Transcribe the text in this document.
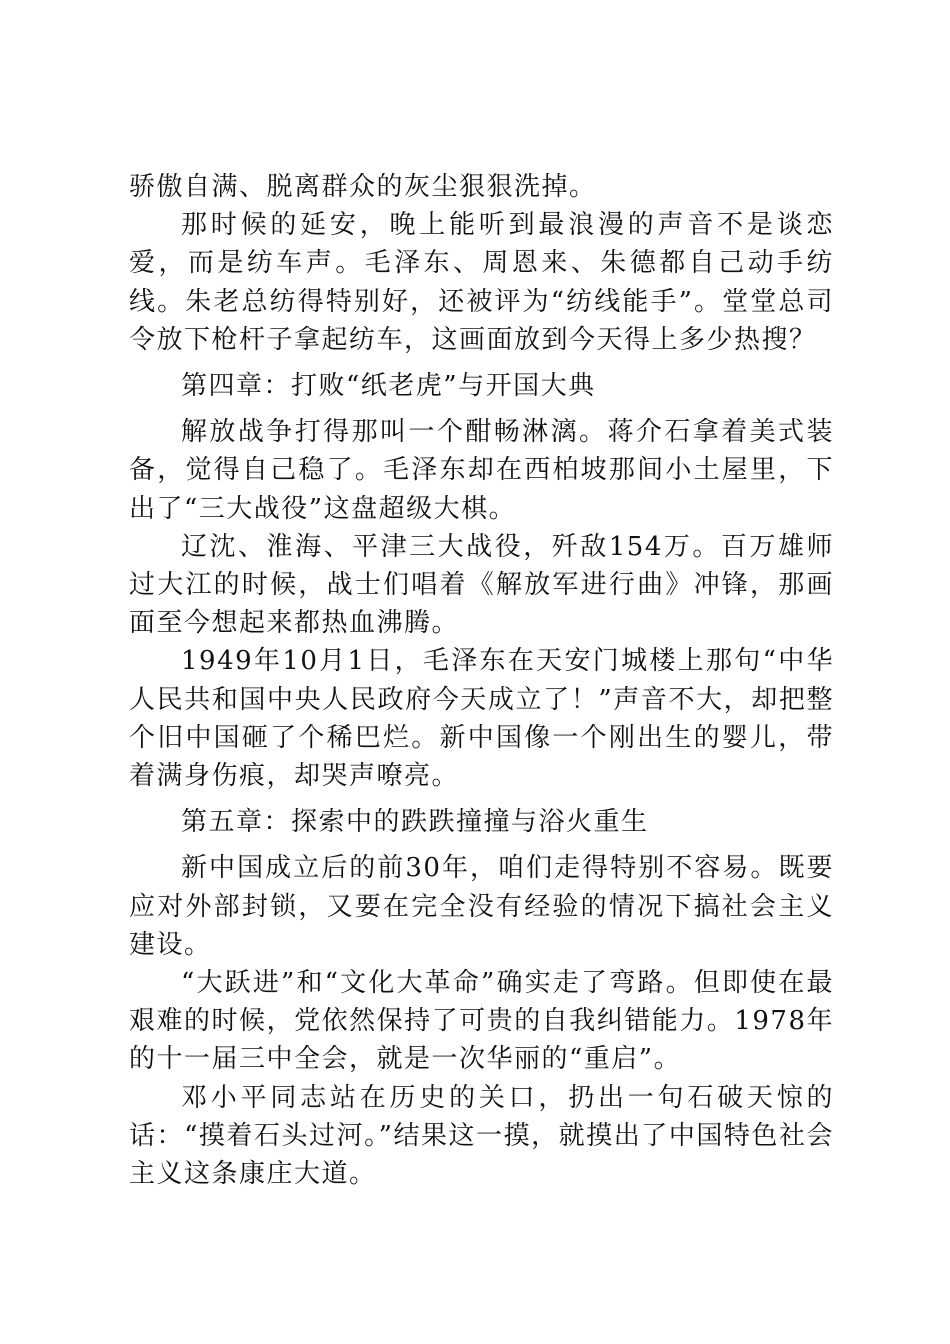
骄傲自满、脱离群众的灰尘狠狠洗掉。

那时候的延安，晚上能听到最浪漫的声音不是谈恋爱，而是纺车声。毛泽东、周恩来、朱德都自己动手纺线。朱老总纺得特别好，还被评为“纺线能手”。堂堂总司令放下枪杆子拿起纺车，这画面放到今天得上多少热搜？

第四章：打败“纸老虎”与开国大典

解放战争打得那叫一个酣畅淋漓。蒋介石拿着美式装备，觉得自己稳了。毛泽东却在西柏坡那间小土屋里，下出了“三大战役”这盘超级大棋。

辽沈、淮海、平津三大战役，歼敌154万。百万雄师过大江的时候，战士们唱着《解放军进行曲》冲锋，那画面至今想起来都热血沸腾。

1949年10月1日，毛泽东在天安门城楼上那句“中华人民共和国中央人民政府今天成立了！”声音不大，却把整个旧中国砸了个稀巴烂。新中国像一个刚出生的婴儿，带着满身伤痕，却哭声嘹亮。

第五章：探索中的跌跌撞撞与浴火重生

新中国成立后的前30年，咱们走得特别不容易。既要应对外部封锁，又要在完全没有经验的情况下搞社会主义建设。

“大跃进”和“文化大革命”确实走了弯路。但即使在最艰难的时候，党依然保持了可贵的自我纠错能力。1978年的十一届三中全会，就是一次华丽的“重启”。

邓小平同志站在历史的关口，扔出一句石破天惊的话：“摸着石头过河。”结果这一摸，就摸出了中国特色社会主义这条康庄大道。
